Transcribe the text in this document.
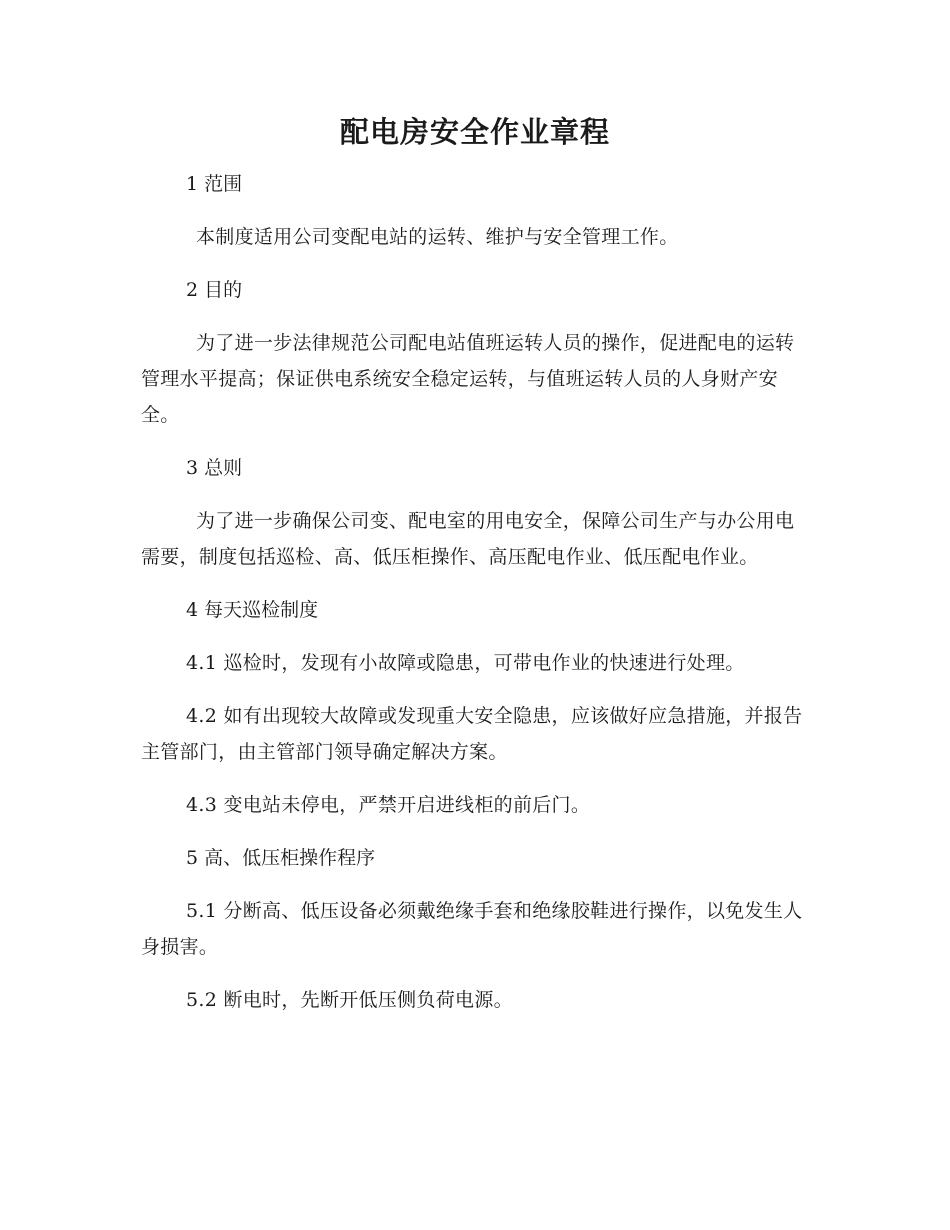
配电房安全作业章程
1 范围
本制度适用公司变配电站的运转、维护与安全管理工作。
2 目的
为了进一步法律规范公司配电站值班运转人员的操作，促进配电的运转管理水平提高；保证供电系统安全稳定运转，与值班运转人员的人身财产安全。
3 总则
为了进一步确保公司变、配电室的用电安全，保障公司生产与办公用电需要，制度包括巡检、高、低压柜操作、高压配电作业、低压配电作业。
4 每天巡检制度
4.1 巡检时，发现有小故障或隐患，可带电作业的快速进行处理。
4.2 如有出现较大故障或发现重大安全隐患，应该做好应急措施，并报告主管部门，由主管部门领导确定解决方案。
4.3 变电站未停电，严禁开启进线柜的前后门。
5 高、低压柜操作程序
5.1 分断高、低压设备必须戴绝缘手套和绝缘胶鞋进行操作，以免发生人身损害。
5.2 断电时，先断开低压侧负荷电源。
